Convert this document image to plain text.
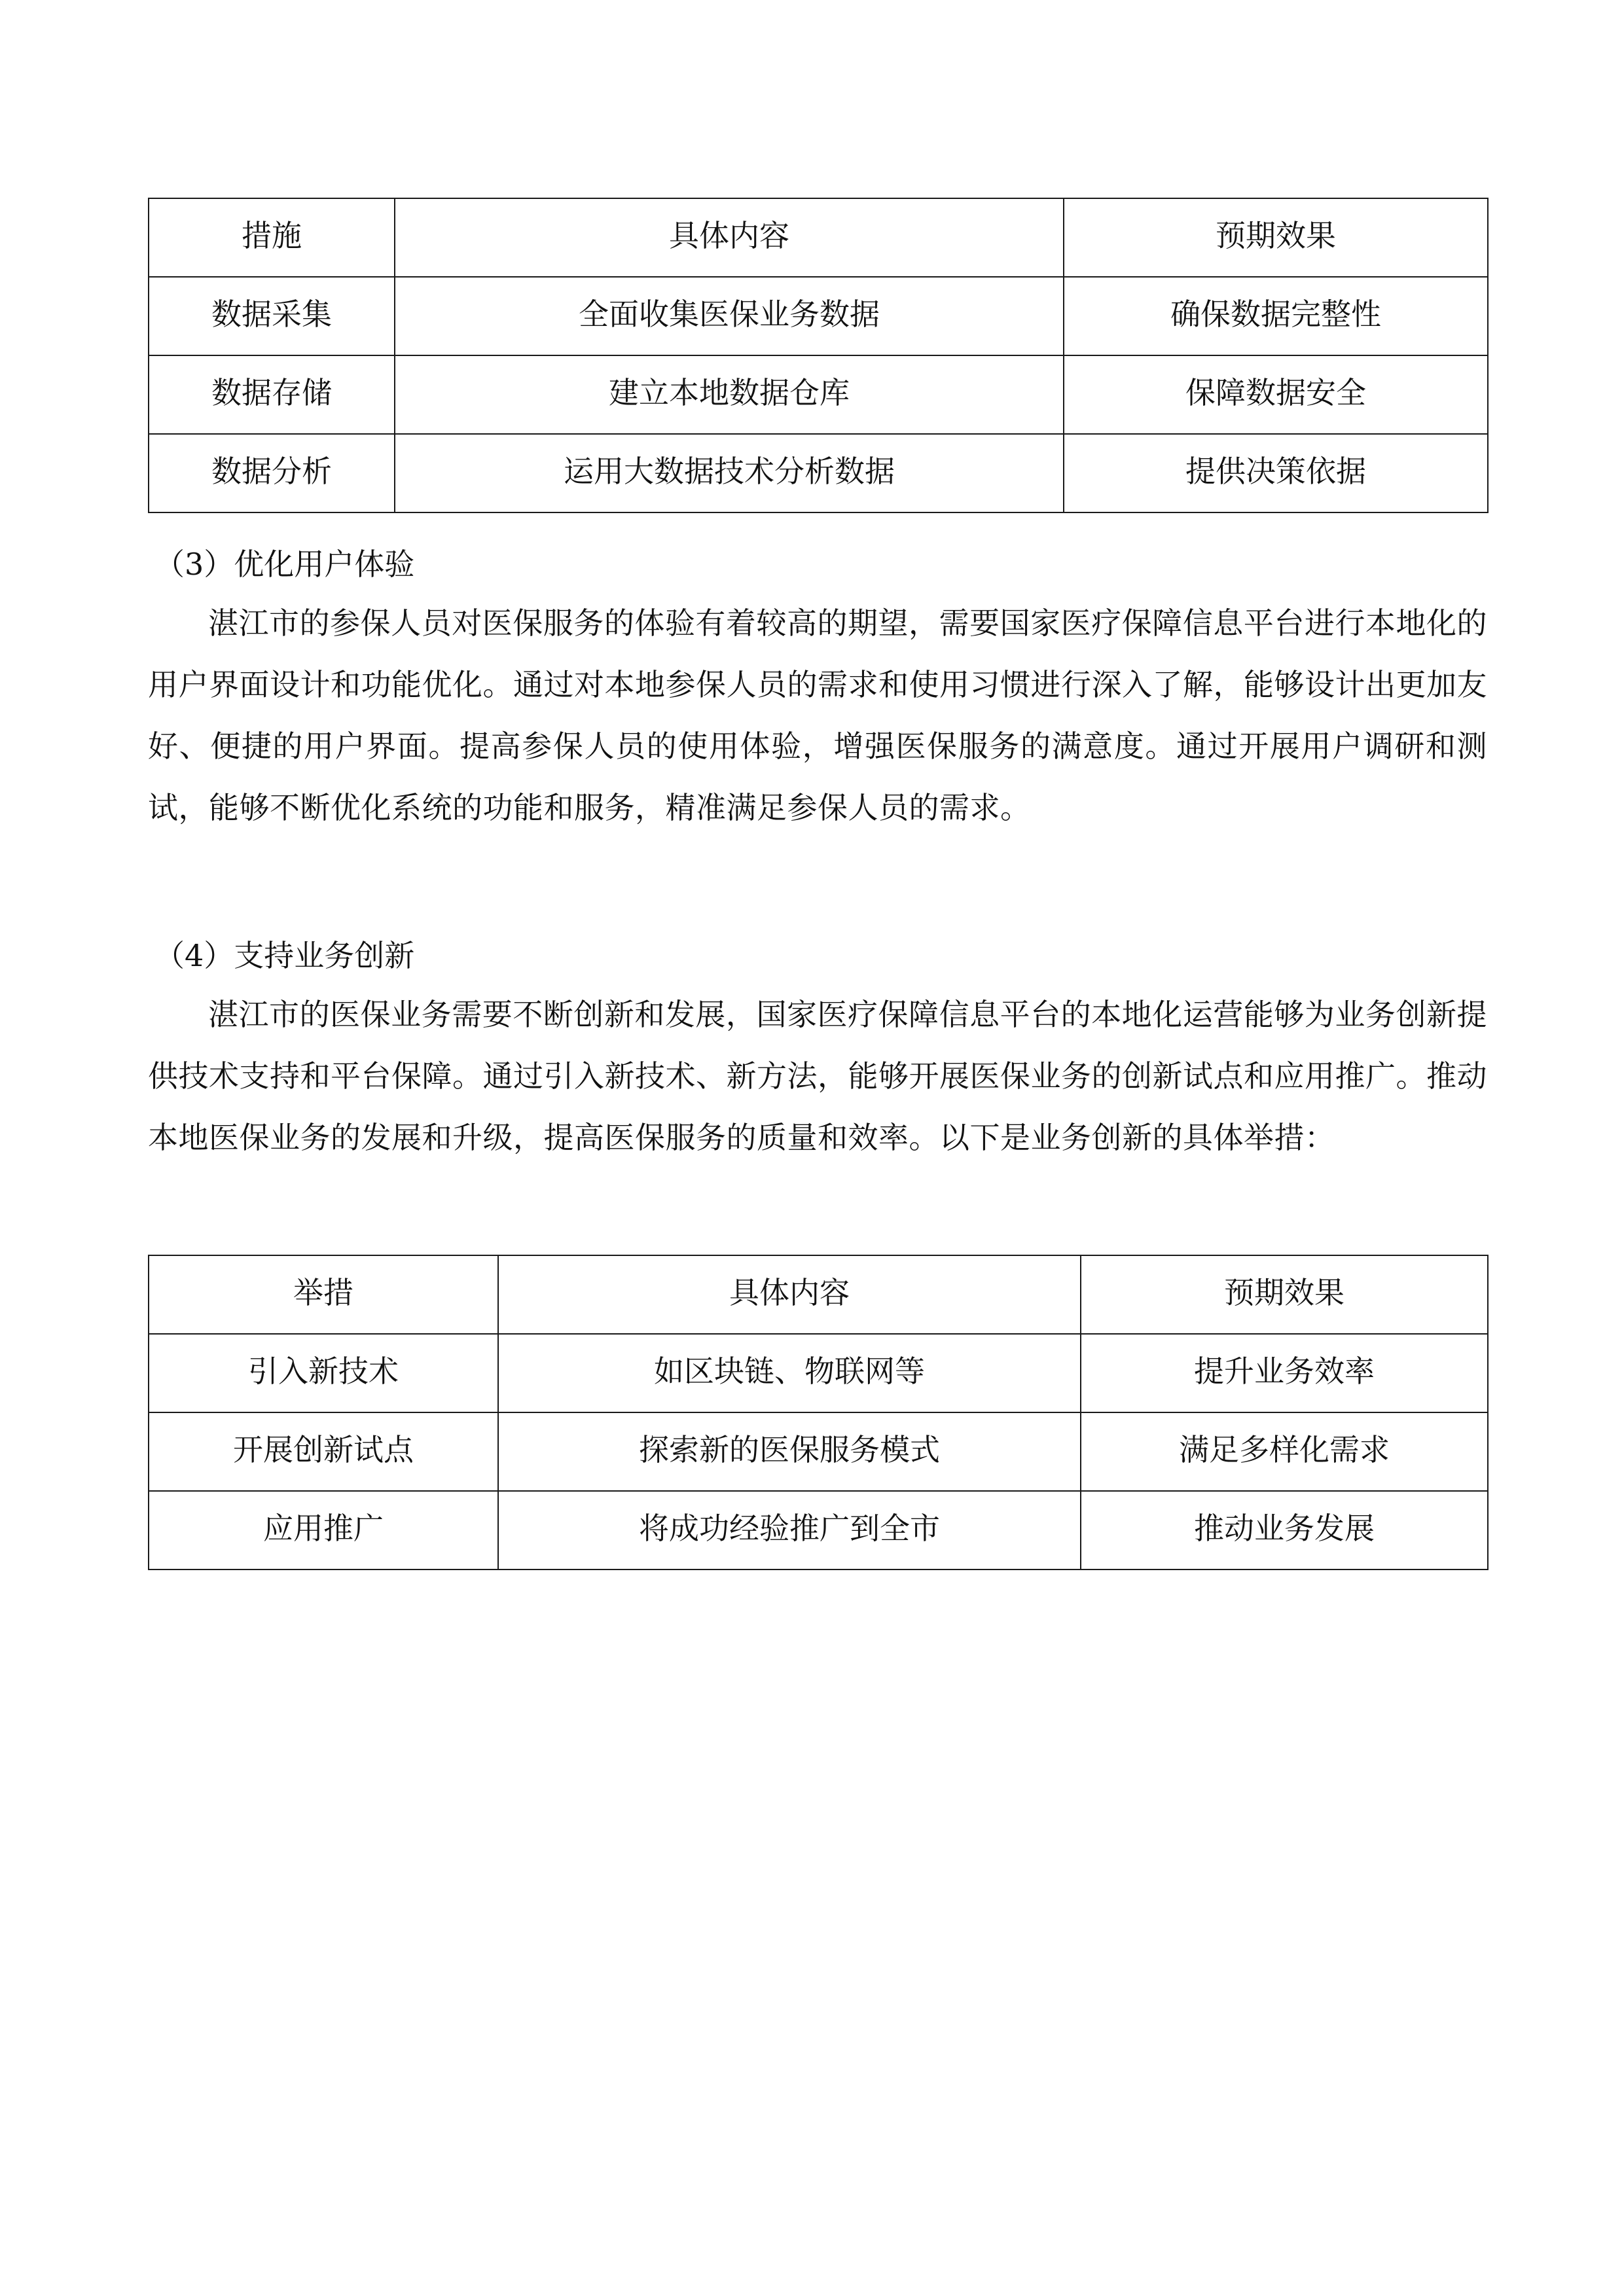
措施	具体内容	预期效果
数据采集	全面收集医保业务数据	确保数据完整性
数据存储	建立本地数据仓库	保障数据安全
数据分析	运用大数据技术分析数据	提供决策依据
（3）优化用户体验

湛江市的参保人员对医保服务的体验有着较高的期望，需要国家医疗保障信息平台进行本地化的用户界面设计和功能优化。通过对本地参保人员的需求和使用习惯进行深入了解，能够设计出更加友好、便捷的用户界面。提高参保人员的使用体验，增强医保服务的满意度。通过开展用户调研和测试，能够不断优化系统的功能和服务，精准满足参保人员的需求。

（4）支持业务创新

湛江市的医保业务需要不断创新和发展，国家医疗保障信息平台的本地化运营能够为业务创新提供技术支持和平台保障。通过引入新技术、新方法，能够开展医保业务的创新试点和应用推广。推动本地医保业务的发展和升级，提高医保服务的质量和效率。以下是业务创新的具体举措：

举措	具体内容	预期效果
引入新技术	如区块链、物联网等	提升业务效率
开展创新试点	探索新的医保服务模式	满足多样化需求
应用推广	将成功经验推广到全市	推动业务发展
